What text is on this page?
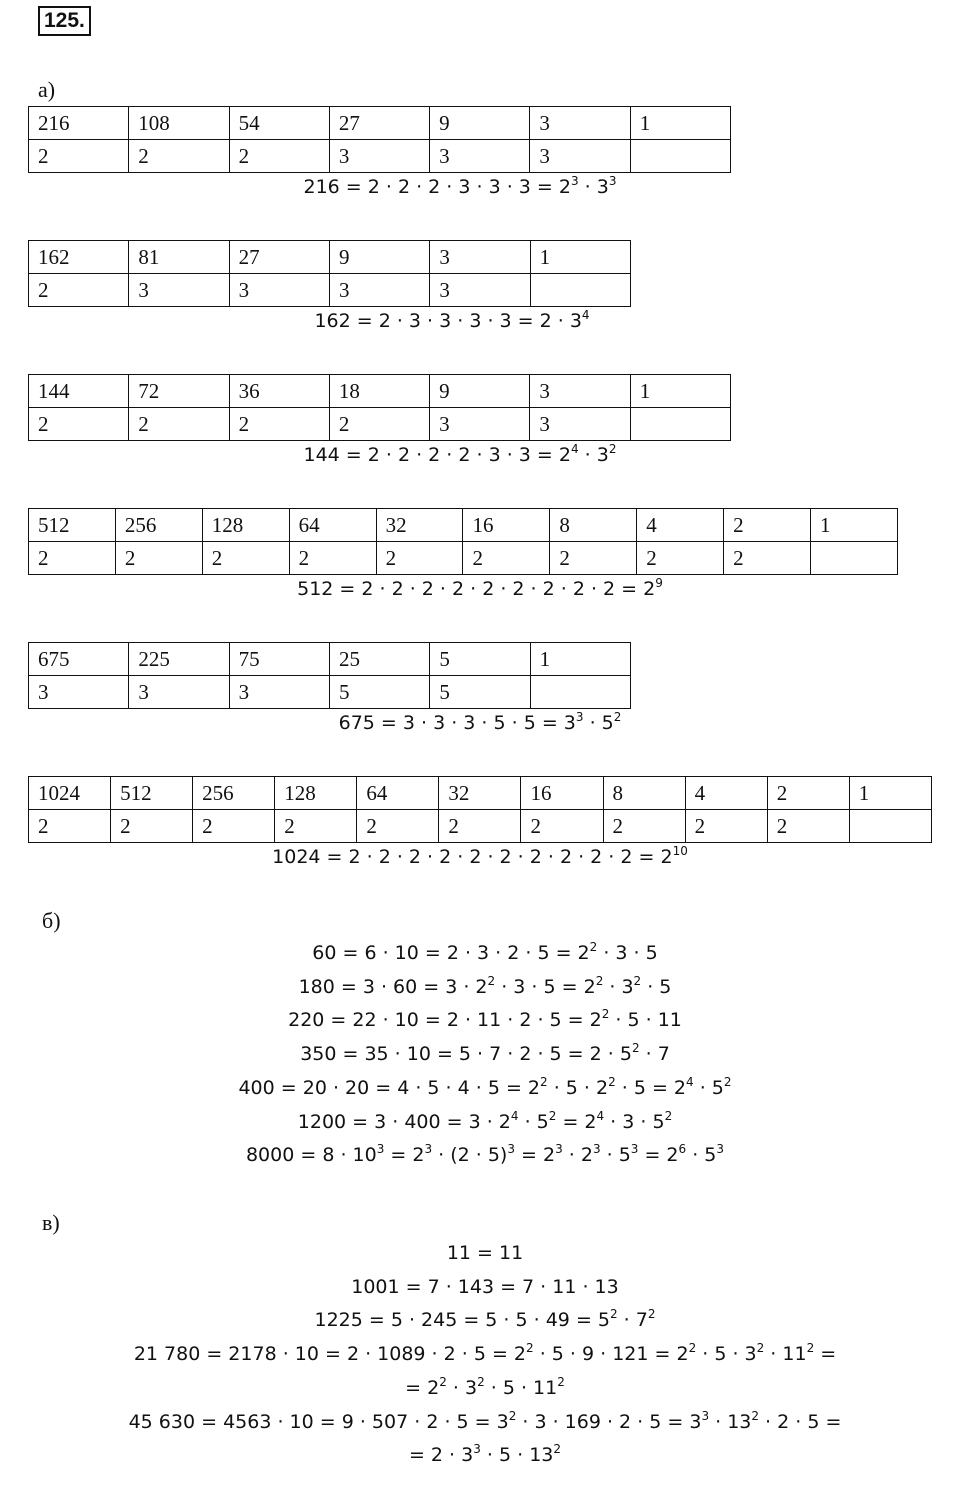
125.
а)
216	108	54	27	9	3	1
2	2	2	3	3	3	
$216 = 2 \cdot 2 \cdot 2 \cdot 3 \cdot 3 \cdot 3 = 2^3 \cdot 3^3$
162	81	27	9	3	1
2	3	3	3	3	
$162 = 2 \cdot 3 \cdot 3 \cdot 3 \cdot 3 = 2 \cdot 3^4$
144	72	36	18	9	3	1
2	2	2	2	3	3	
$144 = 2 \cdot 2 \cdot 2 \cdot 2 \cdot 3 \cdot 3 = 2^4 \cdot 3^2$
512	256	128	64	32	16	8	4	2	1
2	2	2	2	2	2	2	2	2	
$512 = 2 \cdot 2 \cdot 2 \cdot 2 \cdot 2 \cdot 2 \cdot 2 \cdot 2 \cdot 2 = 2^9$
675	225	75	25	5	1
3	3	3	5	5	
$675 = 3 \cdot 3 \cdot 3 \cdot 5 \cdot 5 = 3^3 \cdot 5^2$
1024	512	256	128	64	32	16	8	4	2	1
2	2	2	2	2	2	2	2	2	2	
$1024 = 2 \cdot 2 \cdot 2 \cdot 2 \cdot 2 \cdot 2 \cdot 2 \cdot 2 \cdot 2 \cdot 2 = 2^{10}$
б)
$60 = 6 \cdot 10 = 2 \cdot 3 \cdot 2 \cdot 5 = 2^2 \cdot 3 \cdot 5$
$180 = 3 \cdot 60 = 3 \cdot 2^2 \cdot 3 \cdot 5 = 2^2 \cdot 3^2 \cdot 5$
$220 = 22 \cdot 10 = 2 \cdot 11 \cdot 2 \cdot 5 = 2^2 \cdot 5 \cdot 11$
$350 = 35 \cdot 10 = 5 \cdot 7 \cdot 2 \cdot 5 = 2 \cdot 5^2 \cdot 7$
$400 = 20 \cdot 20 = 4 \cdot 5 \cdot 4 \cdot 5 = 2^2 \cdot 5 \cdot 2^2 \cdot 5 = 2^4 \cdot 5^2$
$1200 = 3 \cdot 400 = 3 \cdot 2^4 \cdot 5^2 = 2^4 \cdot 3 \cdot 5^2$
$8000 = 8 \cdot 10^3 = 2^3 \cdot (2 \cdot 5)^3 = 2^3 \cdot 2^3 \cdot 5^3 = 2^6 \cdot 5^3$
в)
11 = 11
1001 = 7 · 143 = 7 · 11 · 13
$1225 = 5 \cdot 245 = 5 \cdot 5 \cdot 49 = 5^2 \cdot 7^2$
21 $780 = 2178 \cdot 10 = 2 \cdot 1089 \cdot 2 \cdot 5 = 2^2 \cdot 5 \cdot 9 \cdot 121 = 2^2 \cdot 5 \cdot 3^2 \cdot 11^2$ =
= $2^2 \cdot 3^2 \cdot 5 \cdot 11^2$
45 $630 = 4563 \cdot 10 = 9 \cdot 507 \cdot 2 \cdot 5 = 3^2 \cdot 3 \cdot 169 \cdot 2 \cdot 5 = 3^3 \cdot 13^2 \cdot 2 \cdot 5$ =
= $2 \cdot 3^3 \cdot 5 \cdot 13^2$
